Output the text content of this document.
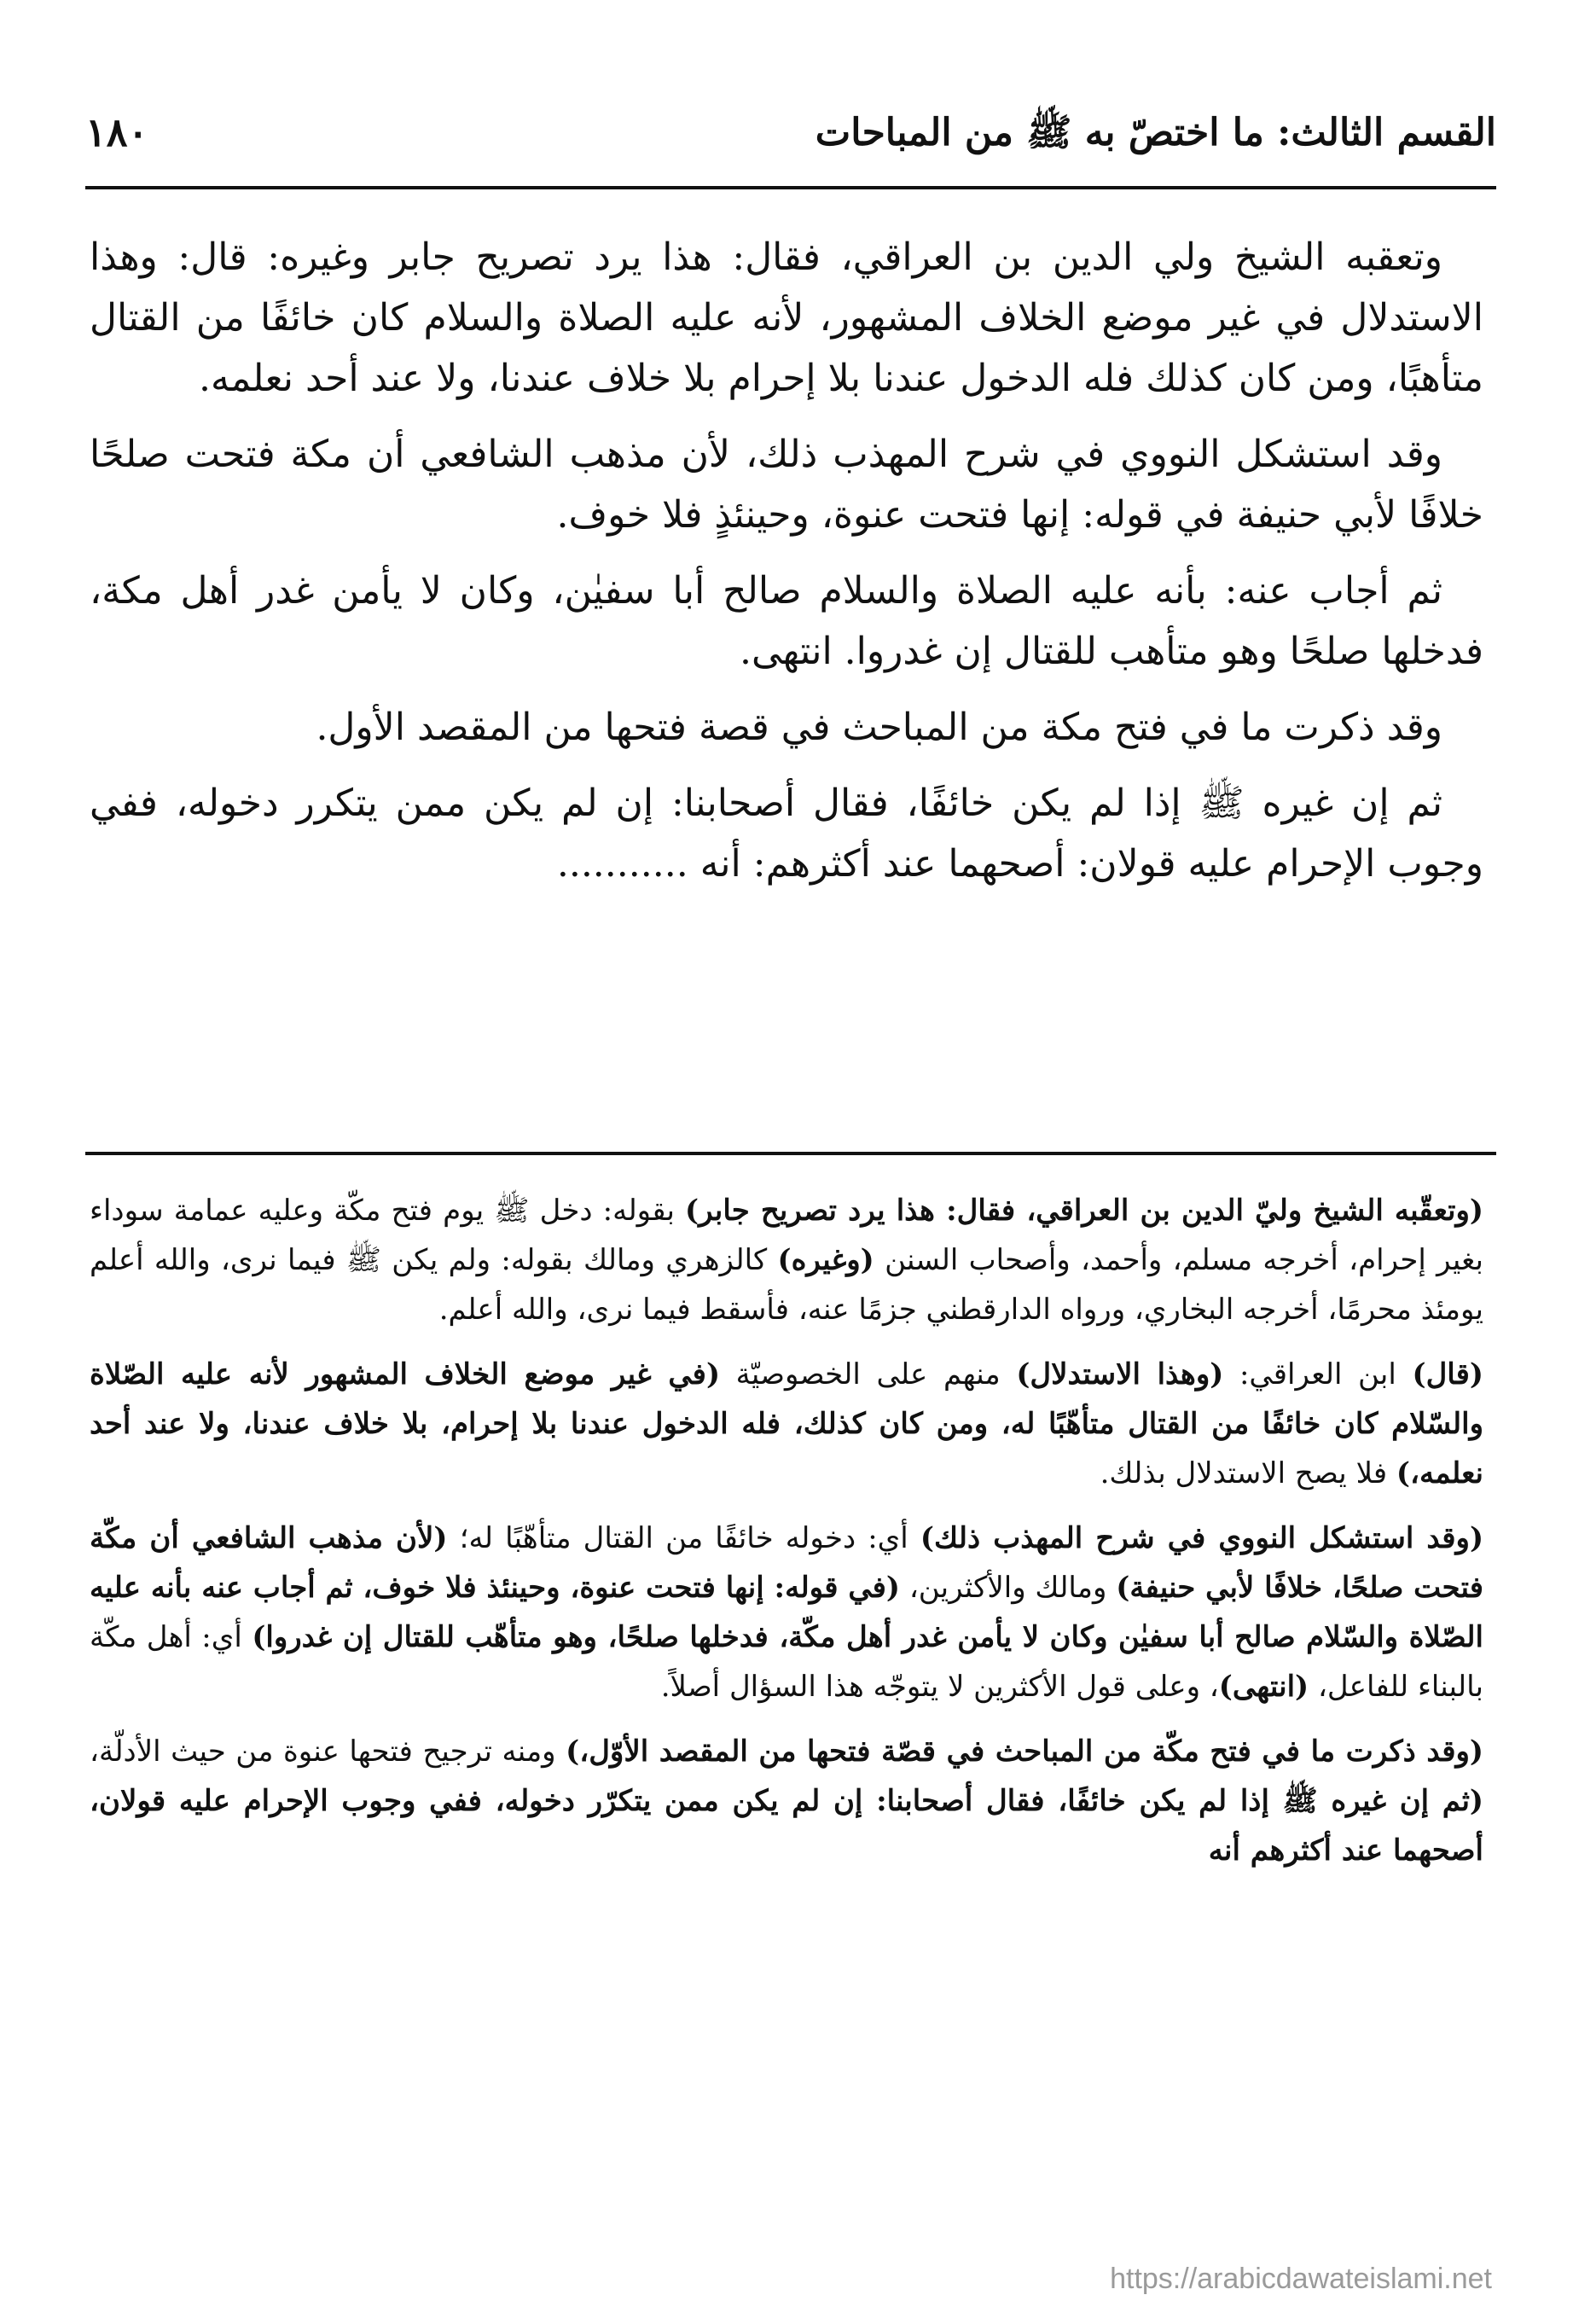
القسم الثالث: ما اختصّ به ﷺ من المباحات
١٨٠

وتعقبه الشيخ ولي الدين بن العراقي، فقال: هذا يرد تصريح جابر وغيره: قال: وهذا الاستدلال في غير موضع الخلاف المشهور، لأنه عليه الصلاة والسلام كان خائفًا من القتال متأهبًا، ومن كان كذلك فله الدخول عندنا بلا إحرام بلا خلاف عندنا، ولا عند أحد نعلمه.

وقد استشكل النووي في شرح المهذب ذلك، لأن مذهب الشافعي أن مكة فتحت صلحًا خلافًا لأبي حنيفة في قوله: إنها فتحت عنوة، وحينئذٍ فلا خوف.

ثم أجاب عنه: بأنه عليه الصلاة والسلام صالح أبا سفيٰن، وكان لا يأمن غدر أهل مكة، فدخلها صلحًا وهو متأهب للقتال إن غدروا. انتهى.

وقد ذكرت ما في فتح مكة من المباحث في قصة فتحها من المقصد الأول.

ثم إن غيره ﷺ إذا لم يكن خائفًا، فقال أصحابنا: إن لم يكن ممن يتكرر دخوله، ففي وجوب الإحرام عليه قولان: أصحهما عند أكثرهم: أنه ...........

(وتعقّبه الشيخ وليّ الدين بن العراقي، فقال: هذا يرد تصريح جابر) بقوله: دخل ﷺ يوم فتح مكّة وعليه عمامة سوداء بغير إحرام، أخرجه مسلم، وأحمد، وأصحاب السنن (وغيره) كالزهري ومالك بقوله: ولم يكن ﷺ فيما نرى، والله أعلم يومئذ محرمًا، أخرجه البخاري، ورواه الدارقطني جزمًا عنه، فأسقط فيما نرى، والله أعلم.

(قال) ابن العراقي: (وهذا الاستدلال) منهم على الخصوصيّة (في غير موضع الخلاف المشهور لأنه عليه الصّلاة والسّلام كان خائفًا من القتال متأهّبًا له، ومن كان كذلك، فله الدخول عندنا بلا إحرام، بلا خلاف عندنا، ولا عند أحد نعلمه،) فلا يصح الاستدلال بذلك.

(وقد استشكل النووي في شرح المهذب ذلك) أي: دخوله خائفًا من القتال متأهّبًا له؛ (لأن مذهب الشافعي أن مكّة فتحت صلحًا، خلافًا لأبي حنيفة) ومالك والأكثرين، (في قوله: إنها فتحت عنوة، وحينئذ فلا خوف، ثم أجاب عنه بأنه عليه الصّلاة والسّلام صالح أبا سفيٰن وكان لا يأمن غدر أهل مكّة، فدخلها صلحًا، وهو متأهّب للقتال إن غدروا) أي: أهل مكّة بالبناء للفاعل، (انتهى)، وعلى قول الأكثرين لا يتوجّه هذا السؤال أصلاً.

(وقد ذكرت ما في فتح مكّة من المباحث في قصّة فتحها من المقصد الأوّل،) ومنه ترجيح فتحها عنوة من حيث الأدلّة، (ثم إن غيره ﷺ إذا لم يكن خائفًا، فقال أصحابنا: إن لم يكن ممن يتكرّر دخوله، ففي وجوب الإحرام عليه قولان، أصحهما عند أكثرهم أنه

https://arabicdawateislami.net
